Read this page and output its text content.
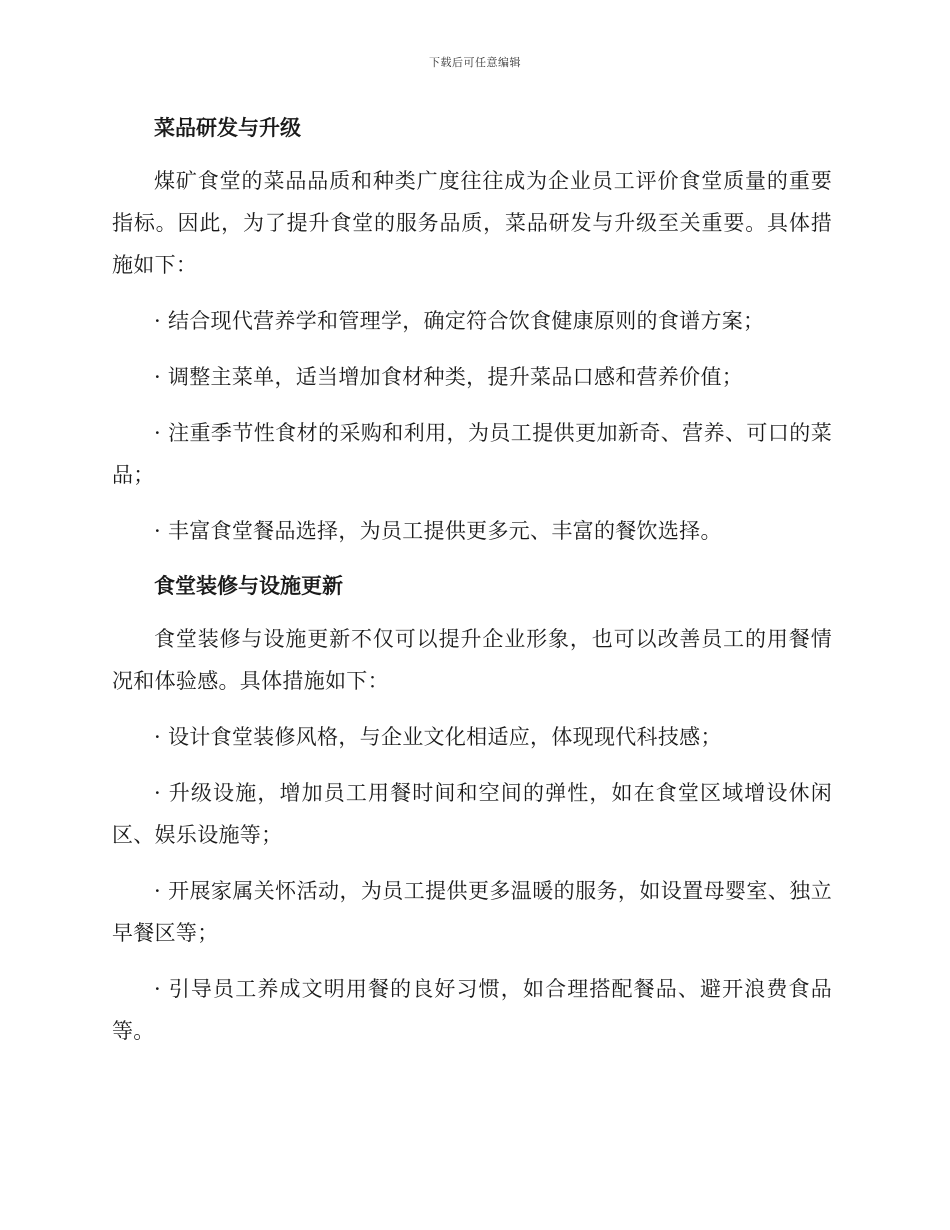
下载后可任意编辑
菜品研发与升级

煤矿食堂的菜品品质和种类广度往往成为企业员工评价食堂质量的重要指标。因此，为了提升食堂的服务品质，菜品研发与升级至关重要。具体措施如下：

· 结合现代营养学和管理学，确定符合饮食健康原则的食谱方案；

· 调整主菜单，适当增加食材种类，提升菜品口感和营养价值；

· 注重季节性食材的采购和利用，为员工提供更加新奇、营养、可口的菜品；

· 丰富食堂餐品选择，为员工提供更多元、丰富的餐饮选择。

食堂装修与设施更新

食堂装修与设施更新不仅可以提升企业形象，也可以改善员工的用餐情况和体验感。具体措施如下：

· 设计食堂装修风格，与企业文化相适应，体现现代科技感；

· 升级设施，增加员工用餐时间和空间的弹性，如在食堂区域增设休闲区、娱乐设施等；

· 开展家属关怀活动，为员工提供更多温暖的服务，如设置母婴室、独立早餐区等；

· 引导员工养成文明用餐的良好习惯，如合理搭配餐品、避开浪费食品等。
